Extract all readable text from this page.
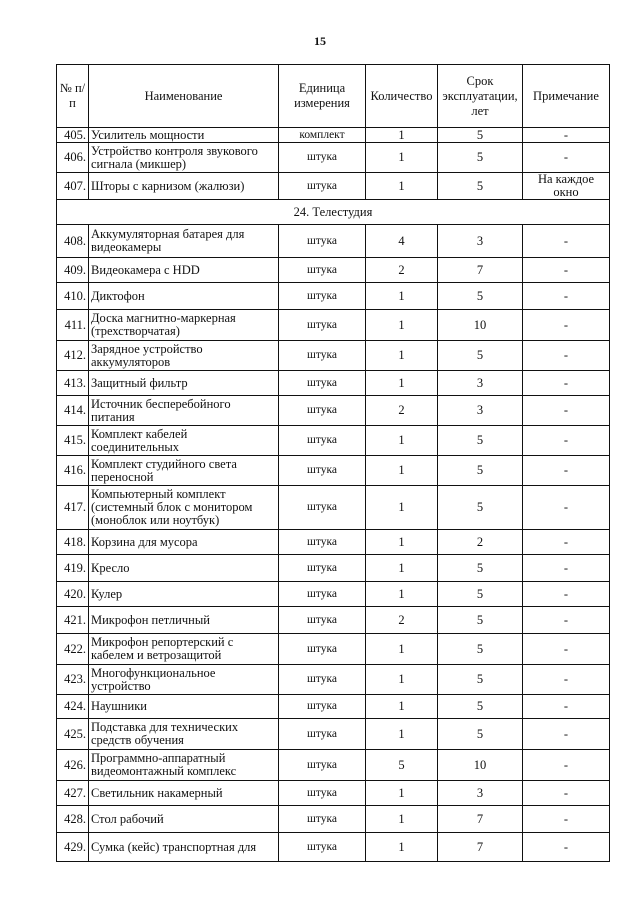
15
№ п/п	Наименование	Единица измерения	Количество	Срок эксплуатации, лет	Примечание
405.	Усилитель мощности	комплект	1	5	-
406.	Устройство контроля звукового сигнала (микшер)	штука	1	5	-
407.	Шторы с карнизом (жалюзи)	штука	1	5	На каждое окно
24. Телестудия					
408.	Аккумуляторная батарея для видеокамеры	штука	4	3	-
409.	Видеокамера с HDD	штука	2	7	-
410.	Диктофон	штука	1	5	-
411.	Доска магнитно-маркерная (трехстворчатая)	штука	1	10	-
412.	Зарядное устройство аккумуляторов	штука	1	5	-
413.	Защитный фильтр	штука	1	3	-
414.	Источник бесперебойного питания	штука	2	3	-
415.	Комплект кабелей соединительных	штука	1	5	-
416.	Комплект студийного света переносной	штука	1	5	-
417.	Компьютерный комплект (системный блок с монитором (моноблок или ноутбук)	штука	1	5	-
418.	Корзина для мусора	штука	1	2	-
419.	Кресло	штука	1	5	-
420.	Кулер	штука	1	5	-
421.	Микрофон петличный	штука	2	5	-
422.	Микрофон репортерский с кабелем и ветрозащитой	штука	1	5	-
423.	Многофункциональное устройство	штука	1	5	-
424.	Наушники	штука	1	5	-
425.	Подставка для технических средств обучения	штука	1	5	-
426.	Программно-аппаратный видеомонтажный комплекс	штука	5	10	-
427.	Светильник накамерный	штука	1	3	-
428.	Стол рабочий	штука	1	7	-
429.	Сумка (кейс) транспортная для	штука	1	7	-
